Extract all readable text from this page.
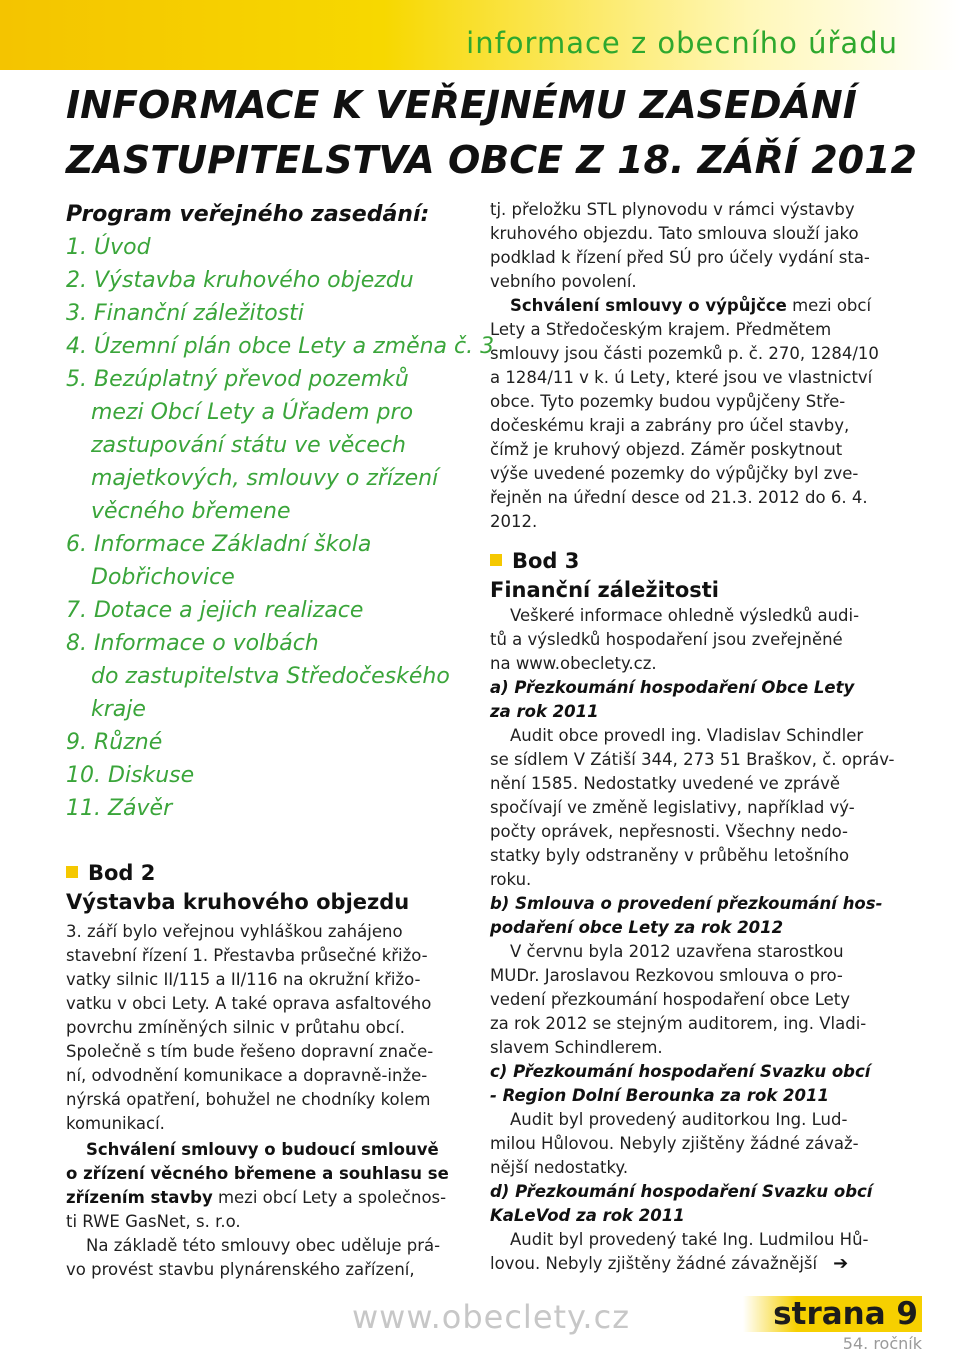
informace z obecního úřadu
INFORMACE K VEŘEJNÉMU ZASEDÁNÍ
ZASTUPITELSTVA OBCE Z 18. ZÁŘÍ 2012
Program veřejného zasedání:
1. Úvod
2. Výstavba kruhového objezdu
3. Finanční záležitosti
4. Územní plán obce Lety a změna č. 3
5. Bezúplatný převod pozemků
mezi Obcí Lety a Úřadem pro
zastupování státu ve věcech
majetkových, smlouvy o zřízení
věcného břemene
6. Informace Základní škola
Dobřichovice
7. Dotace a jejich realizace
8. Informace o volbách
do zastupitelstva Středočeského
kraje
9. Různé
10. Diskuse
11. Závěr
Bod 2
Výstavba kruhového objezdu
3. září bylo veřejnou vyhláškou zahájeno
stavební řízení 1. Přestavba průsečné křižo-
vatky silnic II/115 a II/116 na okružní křižo-
vatku v obci Lety. A také oprava asfaltového
povrchu zmíněných silnic v průtahu obcí.
Společně s tím bude řešeno dopravní znače-
ní, odvodnění komunikace a dopravně-inže-
nýrská opatření, bohužel ne chodníky kolem
komunikací.
Schválení smlouvy o budoucí smlouvě
o zřízení věcného břemene a souhlasu se
zřízením stavby mezi obcí Lety a společnos-
ti RWE GasNet, s. r.o.
Na základě této smlouvy obec uděluje prá-
vo provést stavbu plynárenského zařízení,
tj. přeložku STL plynovodu v rámci výstavby
kruhového objezdu. Tato smlouva slouží jako
podklad k řízení před SÚ pro účely vydání sta-
vebního povolení.
Schválení smlouvy o výpůjčce mezi obcí
Lety a Středočeským krajem. Předmětem
smlouvy jsou části pozemků p. č. 270, 1284/10
a 1284/11 v k. ú Lety, které jsou ve vlastnictví
obce. Tyto pozemky budou vypůjčeny Stře-
dočeskému kraji a zabrány pro účel stavby,
čímž je kruhový objezd. Záměr poskytnout
výše uvedené pozemky do výpůjčky byl zve-
řejněn na úřední desce od 21.3. 2012 do 6. 4.
2012.
Bod 3
Finanční záležitosti
Veškeré informace ohledně výsledků audi-
tů a výsledků hospodaření jsou zveřejněné
na www.obeclety.cz.
a) Přezkoumání hospodaření Obce Lety
za rok 2011
Audit obce provedl ing. Vladislav Schindler
se sídlem V Zátiší 344, 273 51 Braškov, č. opráv-
nění 1585. Nedostatky uvedené ve zprávě
spočívají ve změně legislativy, například vý-
počty oprávek, nepřesnosti. Všechny nedo-
statky byly odstraněny v průběhu letošního
roku.
b) Smlouva o provedení přezkoumání hos-
podaření obce Lety za rok 2012
V červnu byla 2012 uzavřena starostkou
MUDr. Jaroslavou Rezkovou smlouva o pro-
vedení přezkoumání hospodaření obce Lety
za rok 2012 se stejným auditorem, ing. Vladi-
slavem Schindlerem.
c) Přezkoumání hospodaření Svazku obcí
- Region Dolní Berounka za rok 2011
Audit byl provedený auditorkou Ing. Lud-
milou Hůlovou. Nebyly zjištěny žádné závaž-
nější nedostatky.
d) Přezkoumání hospodaření Svazku obcí
KaLeVod za rok 2011
Audit byl provedený také Ing. Ludmilou Hů-
lovou. Nebyly zjištěny žádné závažnější ➔
www.obeclety.cz	strana 9
54. ročník
